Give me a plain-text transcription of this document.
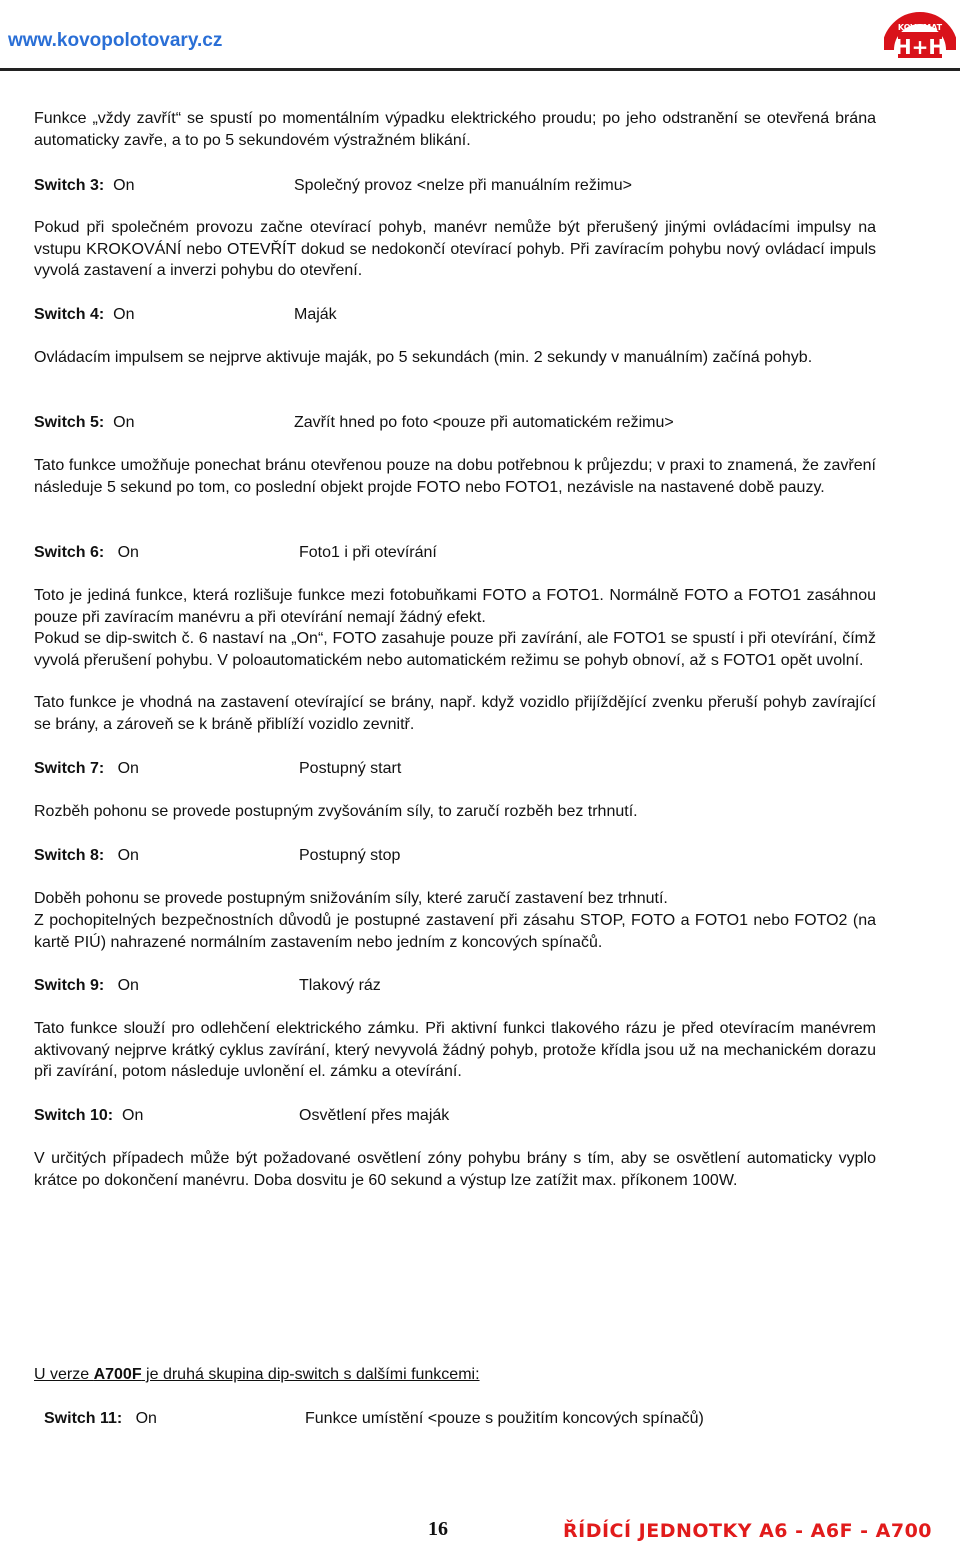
www.kovopolotovary.cz
KOVOMAT
H+H

Funkce „vždy zavřít“ se spustí po momentálním výpadku elektrického proudu; po jeho odstranění se otevřená brána automaticky zavře, a to po 5 sekundovém výstražném blikání.

Switch 3: On	Společný provoz <nelze při manuálním režimu>

Pokud při společném provozu začne otevírací pohyb, manévr nemůže být přerušený jinými ovládacími impulsy na vstupu KROKOVÁNÍ nebo OTEVŘÍT dokud se nedokončí otevírací pohyb. Při zavíracím pohybu nový ovládací impuls vyvolá zastavení a inverzi pohybu do otevření.

Switch 4: On	Maják

Ovládacím impulsem se nejprve aktivuje maják, po 5 sekundách (min. 2 sekundy v manuálním) začíná pohyb.

Switch 5: On	Zavřít hned po foto <pouze při automatickém režimu>

Tato funkce umožňuje ponechat bránu otevřenou pouze na dobu potřebnou k průjezdu; v praxi to znamená, že zavření následuje 5 sekund po tom, co poslední objekt projde FOTO nebo FOTO1, nezávisle na nastavené době pauzy.

Switch 6: On	Foto1 i při otevírání

Toto je jediná funkce, která rozlišuje funkce mezi fotobuňkami FOTO a FOTO1. Normálně FOTO a FOTO1 zasáhnou pouze při zavíracím manévru a při otevírání nemají žádný efekt.

Pokud se dip-switch č. 6 nastaví na „On“, FOTO zasahuje pouze při zavírání, ale FOTO1 se spustí i při otevírání, čímž vyvolá přerušení pohybu. V poloautomatickém nebo automatickém režimu se pohyb obnoví, až s FOTO1 opět uvolní.

Tato funkce je vhodná na zastavení otevírající se brány, např. když vozidlo přijíždějící zvenku přeruší pohyb zavírající se brány, a zároveň se k bráně přiblíží vozidlo zevnitř.

Switch 7: On	Postupný start

Rozběh pohonu se provede postupným zvyšováním síly, to zaručí rozběh bez trhnutí.

Switch 8: On	Postupný stop

Doběh pohonu se provede postupným snižováním síly, které zaručí zastavení bez trhnutí.

Z pochopitelných bezpečnostních důvodů je postupné zastavení při zásahu STOP, FOTO a FOTO1 nebo FOTO2 (na kartě PIÚ) nahrazené normálním zastavením nebo jedním z koncových spínačů.

Switch 9: On	Tlakový ráz

Tato funkce slouží pro odlehčení elektrického zámku. Při aktivní funkci tlakového rázu je před otevíracím manévrem aktivovaný nejprve krátký cyklus zavírání, který nevyvolá žádný pohyb, protože křídla jsou už na mechanickém dorazu při zavírání, potom následuje uvlonění el. zámku a otevírání.

Switch 10: On	Osvětlení přes maják

V určitých případech může být požadované osvětlení zóny pohybu brány s tím, aby se osvětlení automaticky vyplo krátce po dokončení manévru. Doba dosvitu je 60 sekund a výstup lze zatížit max. příkonem 100W.

U verze A700F je druhá skupina dip-switch s dalšími funkcemi:
Switch 11: On	Funkce umístění <pouze s použitím koncových spínačů)
16	ŘÍDÍCÍ JEDNOTKY A6 - A6F - A700
